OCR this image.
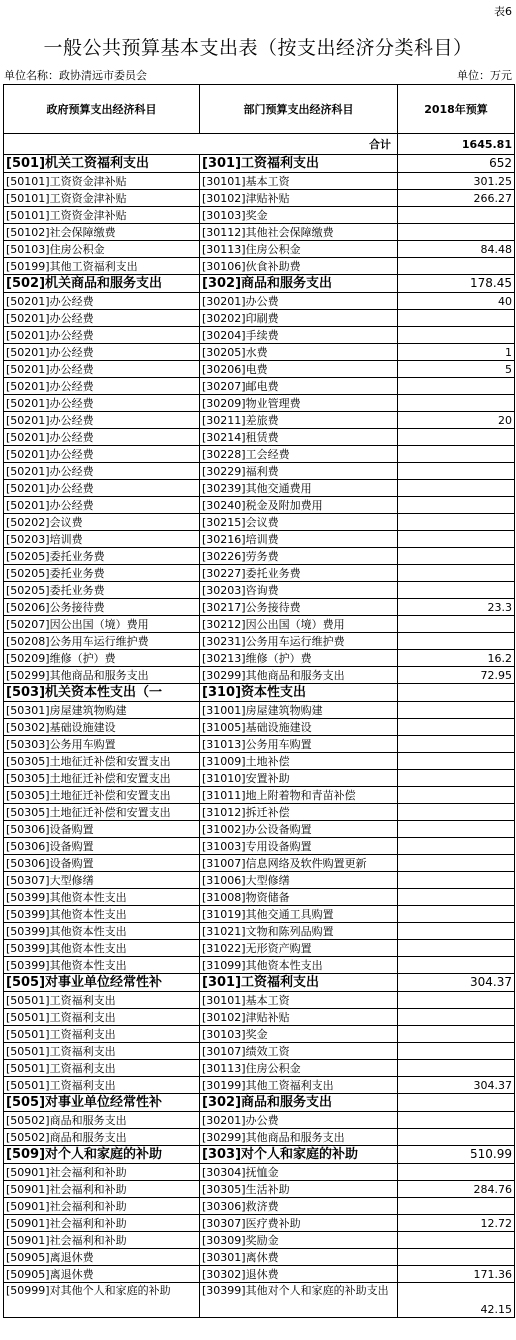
表6
一般公共预算基本支出表（按支出经济分类科目）
单位名称：政协清远市委员会	单位：万元
政府预算支出经济科目	部门预算支出经济科目	2018年预算
合计		1645.81
[501]机关工资福利支出	[301]工资福利支出	652
[50101]工资资金津补贴	[30101]基本工资	301.25
[50101]工资资金津补贴	[30102]津贴补贴	266.27
[50101]工资资金津补贴	[30103]奖金	
[50102]社会保障缴费	[30112]其他社会保障缴费	
[50103]住房公积金	[30113]住房公积金	84.48
[50199]其他工资福利支出	[30106]伙食补助费	
[502]机关商品和服务支出	[302]商品和服务支出	178.45
[50201]办公经费	[30201]办公费	40
[50201]办公经费	[30202]印刷费	
[50201]办公经费	[30204]手续费	
[50201]办公经费	[30205]水费	1
[50201]办公经费	[30206]电费	5
[50201]办公经费	[30207]邮电费	
[50201]办公经费	[30209]物业管理费	
[50201]办公经费	[30211]差旅费	20
[50201]办公经费	[30214]租赁费	
[50201]办公经费	[30228]工会经费	
[50201]办公经费	[30229]福利费	
[50201]办公经费	[30239]其他交通费用	
[50201]办公经费	[30240]税金及附加费用	
[50202]会议费	[30215]会议费	
[50203]培训费	[30216]培训费	
[50205]委托业务费	[30226]劳务费	
[50205]委托业务费	[30227]委托业务费	
[50205]委托业务费	[30203]咨询费	
[50206]公务接待费	[30217]公务接待费	23.3
[50207]因公出国（境）费用	[30212]因公出国（境）费用	
[50208]公务用车运行维护费	[30231]公务用车运行维护费	
[50209]维修（护）费	[30213]维修（护）费	16.2
[50299]其他商品和服务支出	[30299]其他商品和服务支出	72.95
[503]机关资本性支出（一	[310]资本性支出	
[50301]房屋建筑物购建	[31001]房屋建筑物购建	
[50302]基础设施建设	[31005]基础设施建设	
[50303]公务用车购置	[31013]公务用车购置	
[50305]土地征迁补偿和安置支出	[31009]土地补偿	
[50305]土地征迁补偿和安置支出	[31010]安置补助	
[50305]土地征迁补偿和安置支出	[31011]地上附着物和青苗补偿	
[50305]土地征迁补偿和安置支出	[31012]拆迁补偿	
[50306]设备购置	[31002]办公设备购置	
[50306]设备购置	[31003]专用设备购置	
[50306]设备购置	[31007]信息网络及软件购置更新	
[50307]大型修缮	[31006]大型修缮	
[50399]其他资本性支出	[31008]物资储备	
[50399]其他资本性支出	[31019]其他交通工具购置	
[50399]其他资本性支出	[31021]文物和陈列品购置	
[50399]其他资本性支出	[31022]无形资产购置	
[50399]其他资本性支出	[31099]其他资本性支出	
[505]对事业单位经常性补	[301]工资福利支出	304.37
[50501]工资福利支出	[30101]基本工资	
[50501]工资福利支出	[30102]津贴补贴	
[50501]工资福利支出	[30103]奖金	
[50501]工资福利支出	[30107]绩效工资	
[50501]工资福利支出	[30113]住房公积金	
[50501]工资福利支出	[30199]其他工资福利支出	304.37
[505]对事业单位经常性补	[302]商品和服务支出	
[50502]商品和服务支出	[30201]办公费	
[50502]商品和服务支出	[30299]其他商品和服务支出	
[509]对个人和家庭的补助	[303]对个人和家庭的补助	510.99
[50901]社会福利和补助	[30304]抚恤金	
[50901]社会福利和补助	[30305]生活补助	284.76
[50901]社会福利和补助	[30306]救济费	
[50901]社会福利和补助	[30307]医疗费补助	12.72
[50901]社会福利和补助	[30309]奖励金	
[50905]离退休费	[30301]离休费	
[50905]离退休费	[30302]退休费	171.36
[50999]对其他个人和家庭的补助	[30399]其他对个人和家庭的补助支出	42.15
